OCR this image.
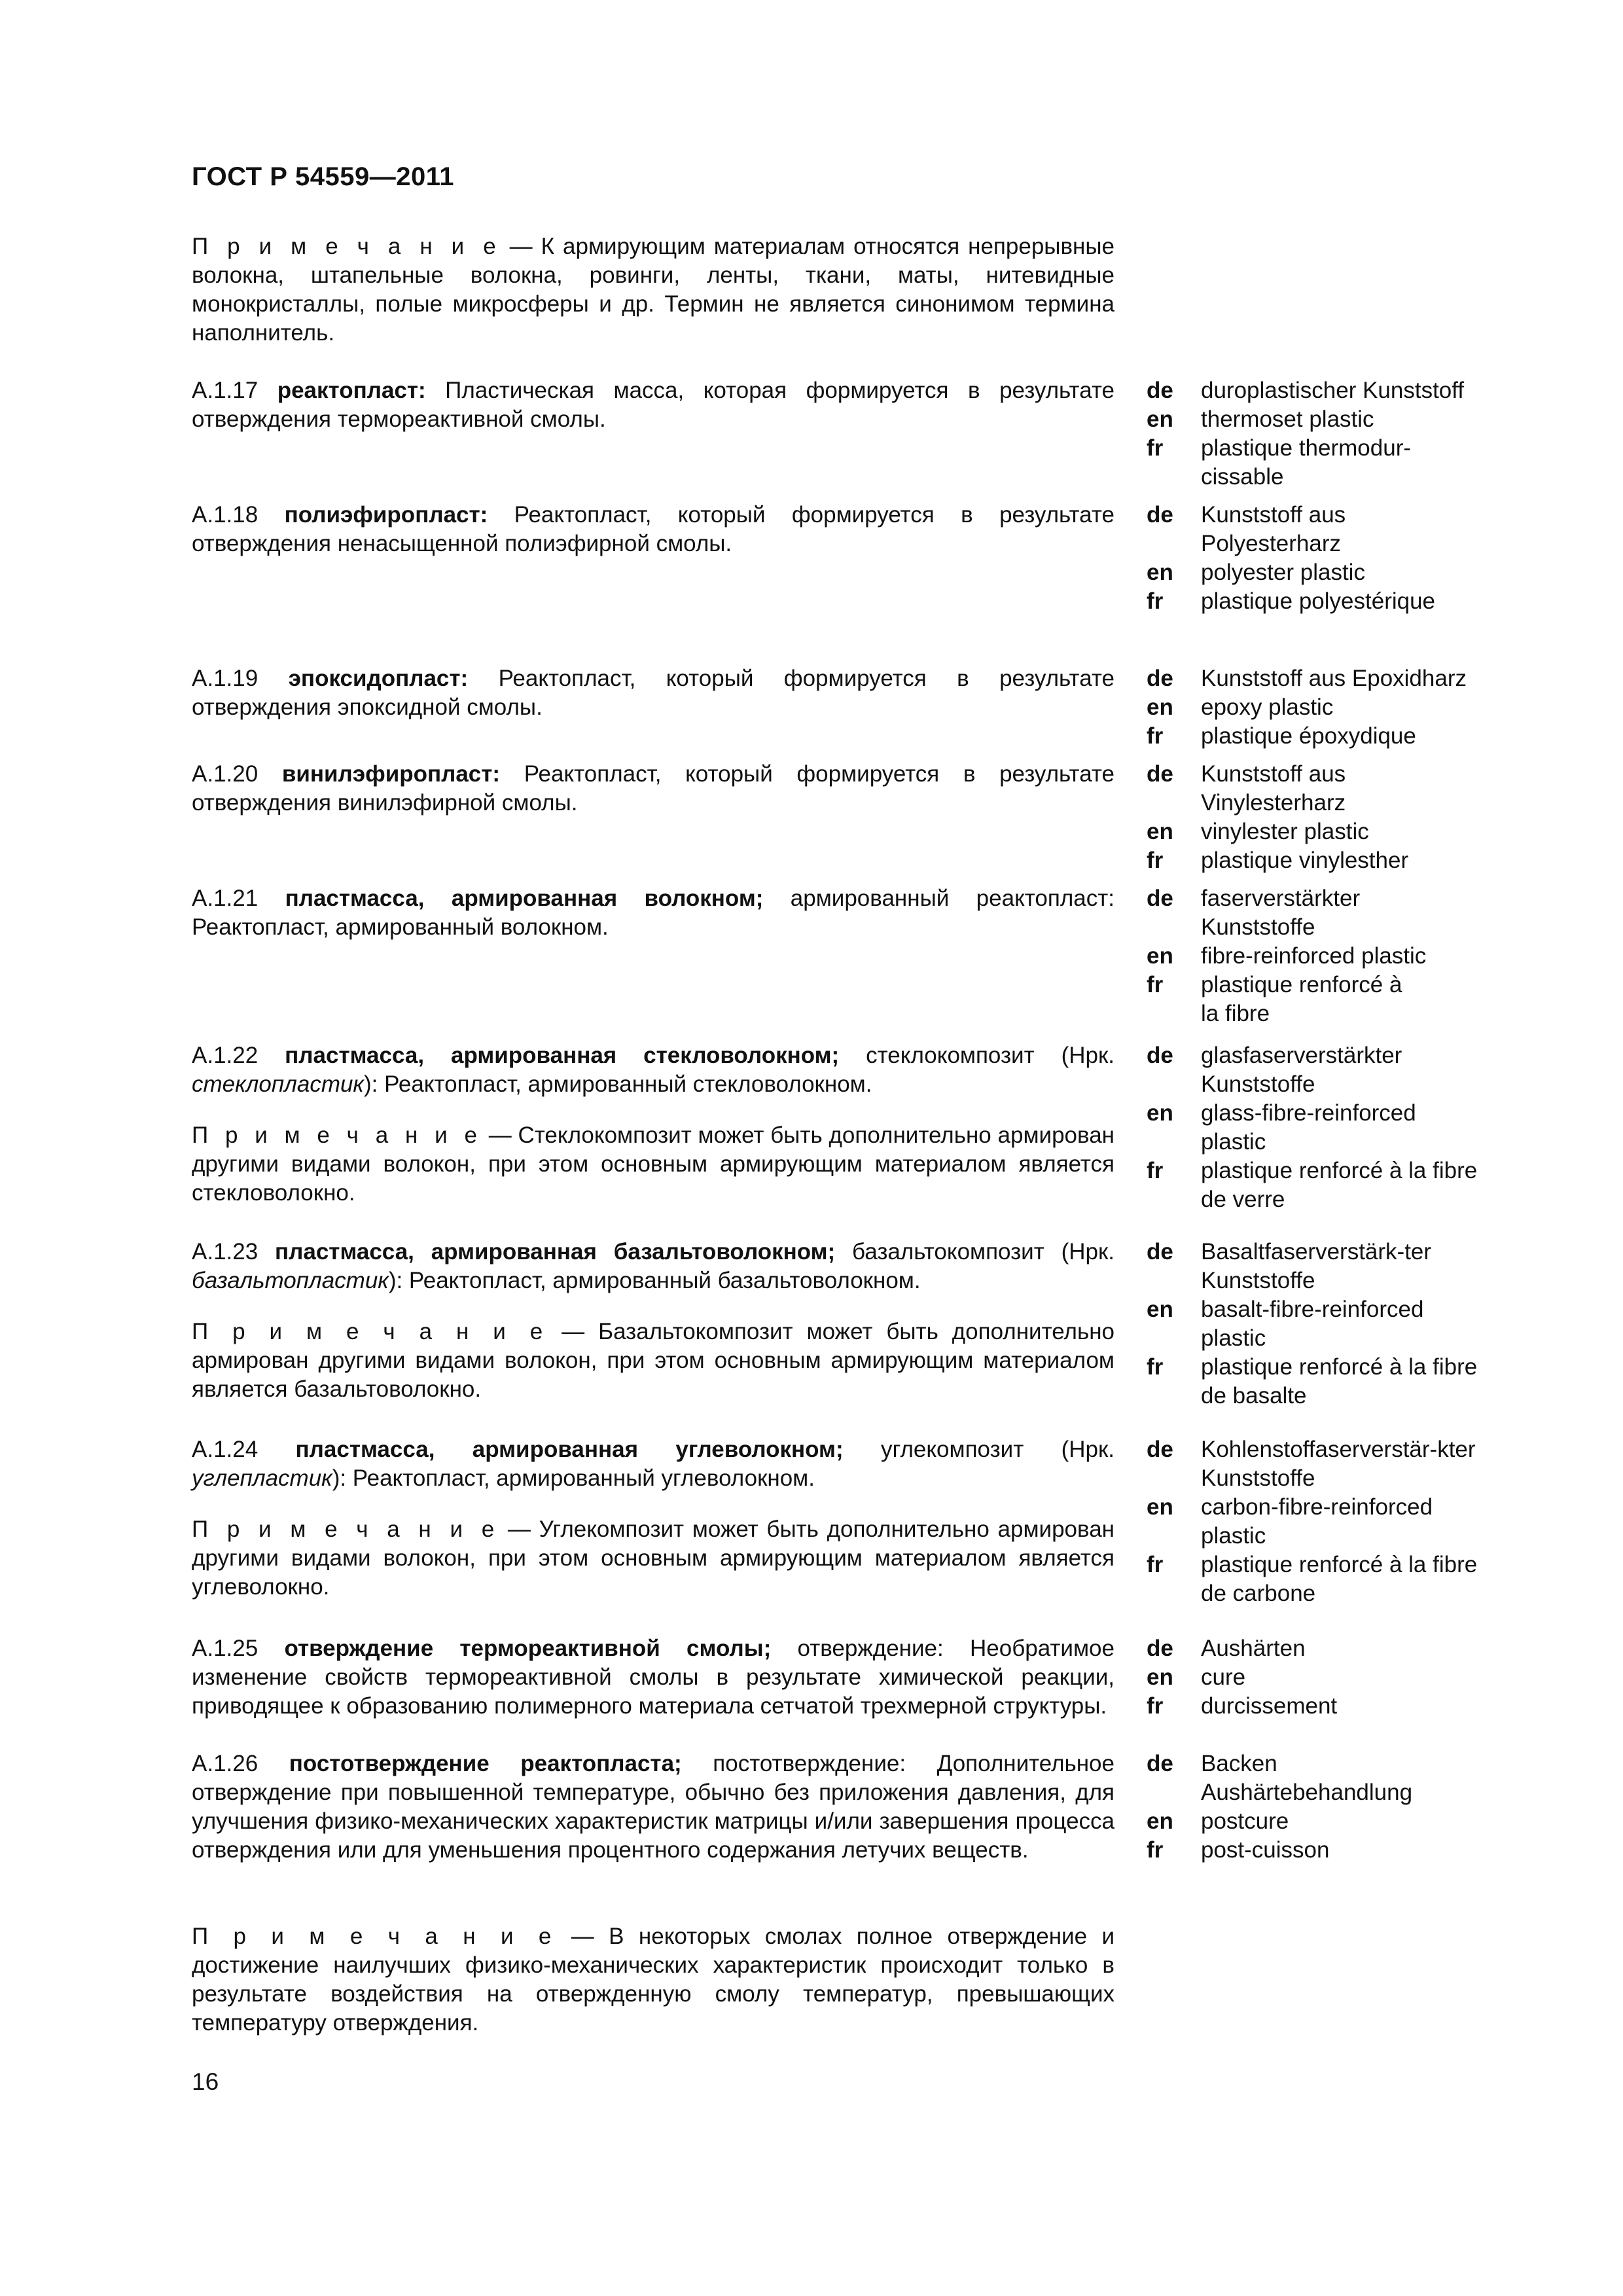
ГОСТ Р 54559—2011
П р и м е ч а н и е — К армирующим материалам относятся непрерывные волокна, штапельные волокна, ровинги, ленты, ткани, маты, нитевидные монокристаллы, полые микросферы и др. Термин не является синонимом термина наполнитель.
А.1.17 реактопласт: Пластическая масса, которая формируется в результате отверждения термореактивной смолы.
de	duroplastischer Kunststoff
en	thermoset plastic
fr	plastique thermodur-cissable
А.1.18 полиэфиропласт: Реактопласт, который формируется в результате отверждения ненасыщенной полиэфирной смолы.
de	Kunststoff aus Polyesterharz
en	polyester plastic
fr	plastique polyestérique
А.1.19 эпоксидопласт: Реактопласт, который формируется в результате отверждения эпоксидной смолы.
de	Kunststoff aus Epoxidharz
en	epoxy plastic
fr	plastique époxydique
А.1.20 винилэфиропласт: Реактопласт, который формируется в результате отверждения винилэфирной смолы.
de	Kunststoff aus Vinylesterharz
en	vinylester plastic
fr	plastique vinylesther
А.1.21 пластмасса, армированная волокном; армированный реактопласт: Реактопласт, армированный волокном.
de	faserverstärkter Kunststoffe
en	fibre-reinforced plastic
fr	plastique renforcé à la fibre
А.1.22 пластмасса, армированная стекловолокном; стеклокомпозит (Нрк. стеклопластик): Реактопласт, армированный стекловолокном.
П р и м е ч а н и е — Стеклокомпозит может быть дополнительно армирован другими видами волокон, при этом основным армирующим материалом является стекловолокно.
de	glasfaserverstärkter Kunststoffe
en	glass-fibre-reinforced plastic
fr	plastique renforcé à la fibre de verre
А.1.23 пластмасса, армированная базальтоволокном; базальтокомпозит (Нрк. базальтопластик): Реактопласт, армированный базальтоволокном.
П р и м е ч а н и е — Базальтокомпозит может быть дополнительно армирован другими видами волокон, при этом основным армирующим материалом является базальтоволокно.
de	Basaltfaserverstärk-ter Kunststoffe
en	basalt-fibre-reinforced plastic
fr	plastique renforcé à la fibre de basalte
А.1.24 пластмасса, армированная углеволокном; углекомпозит (Нрк. углепластик): Реактопласт, армированный углеволокном.
П р и м е ч а н и е — Углекомпозит может быть дополнительно армирован другими видами волокон, при этом основным армирующим материалом является углеволокно.
de	Kohlenstoffaserverstär-kter Kunststoffe
en	carbon-fibre-reinforced plastic
fr	plastique renforcé à la fibre de carbone
А.1.25 отверждение термореактивной смолы; отверждение: Необратимое изменение свойств термореактивной смолы в результате химической реакции, приводящее к образованию полимерного материала сетчатой трехмерной структуры.
de	Aushärten
en	cure
fr	durcissement
А.1.26 постотверждение реактопласта; постотверждение: Дополнительное отверждение при повышенной температуре, обычно без приложения давления, для улучшения физико-механических характеристик матрицы и/или завершения процесса отверждения или для уменьшения процентного содержания летучих веществ.
П р и м е ч а н и е — В некоторых смолах полное отверждение и достижение наилучших физико-механических характеристик происходит только в результате воздействия на отвержденную смолу температур, превышающих температуру отверждения.
de	Backen Aushärtebehandlung
en	postcure
fr	post-cuisson
16
